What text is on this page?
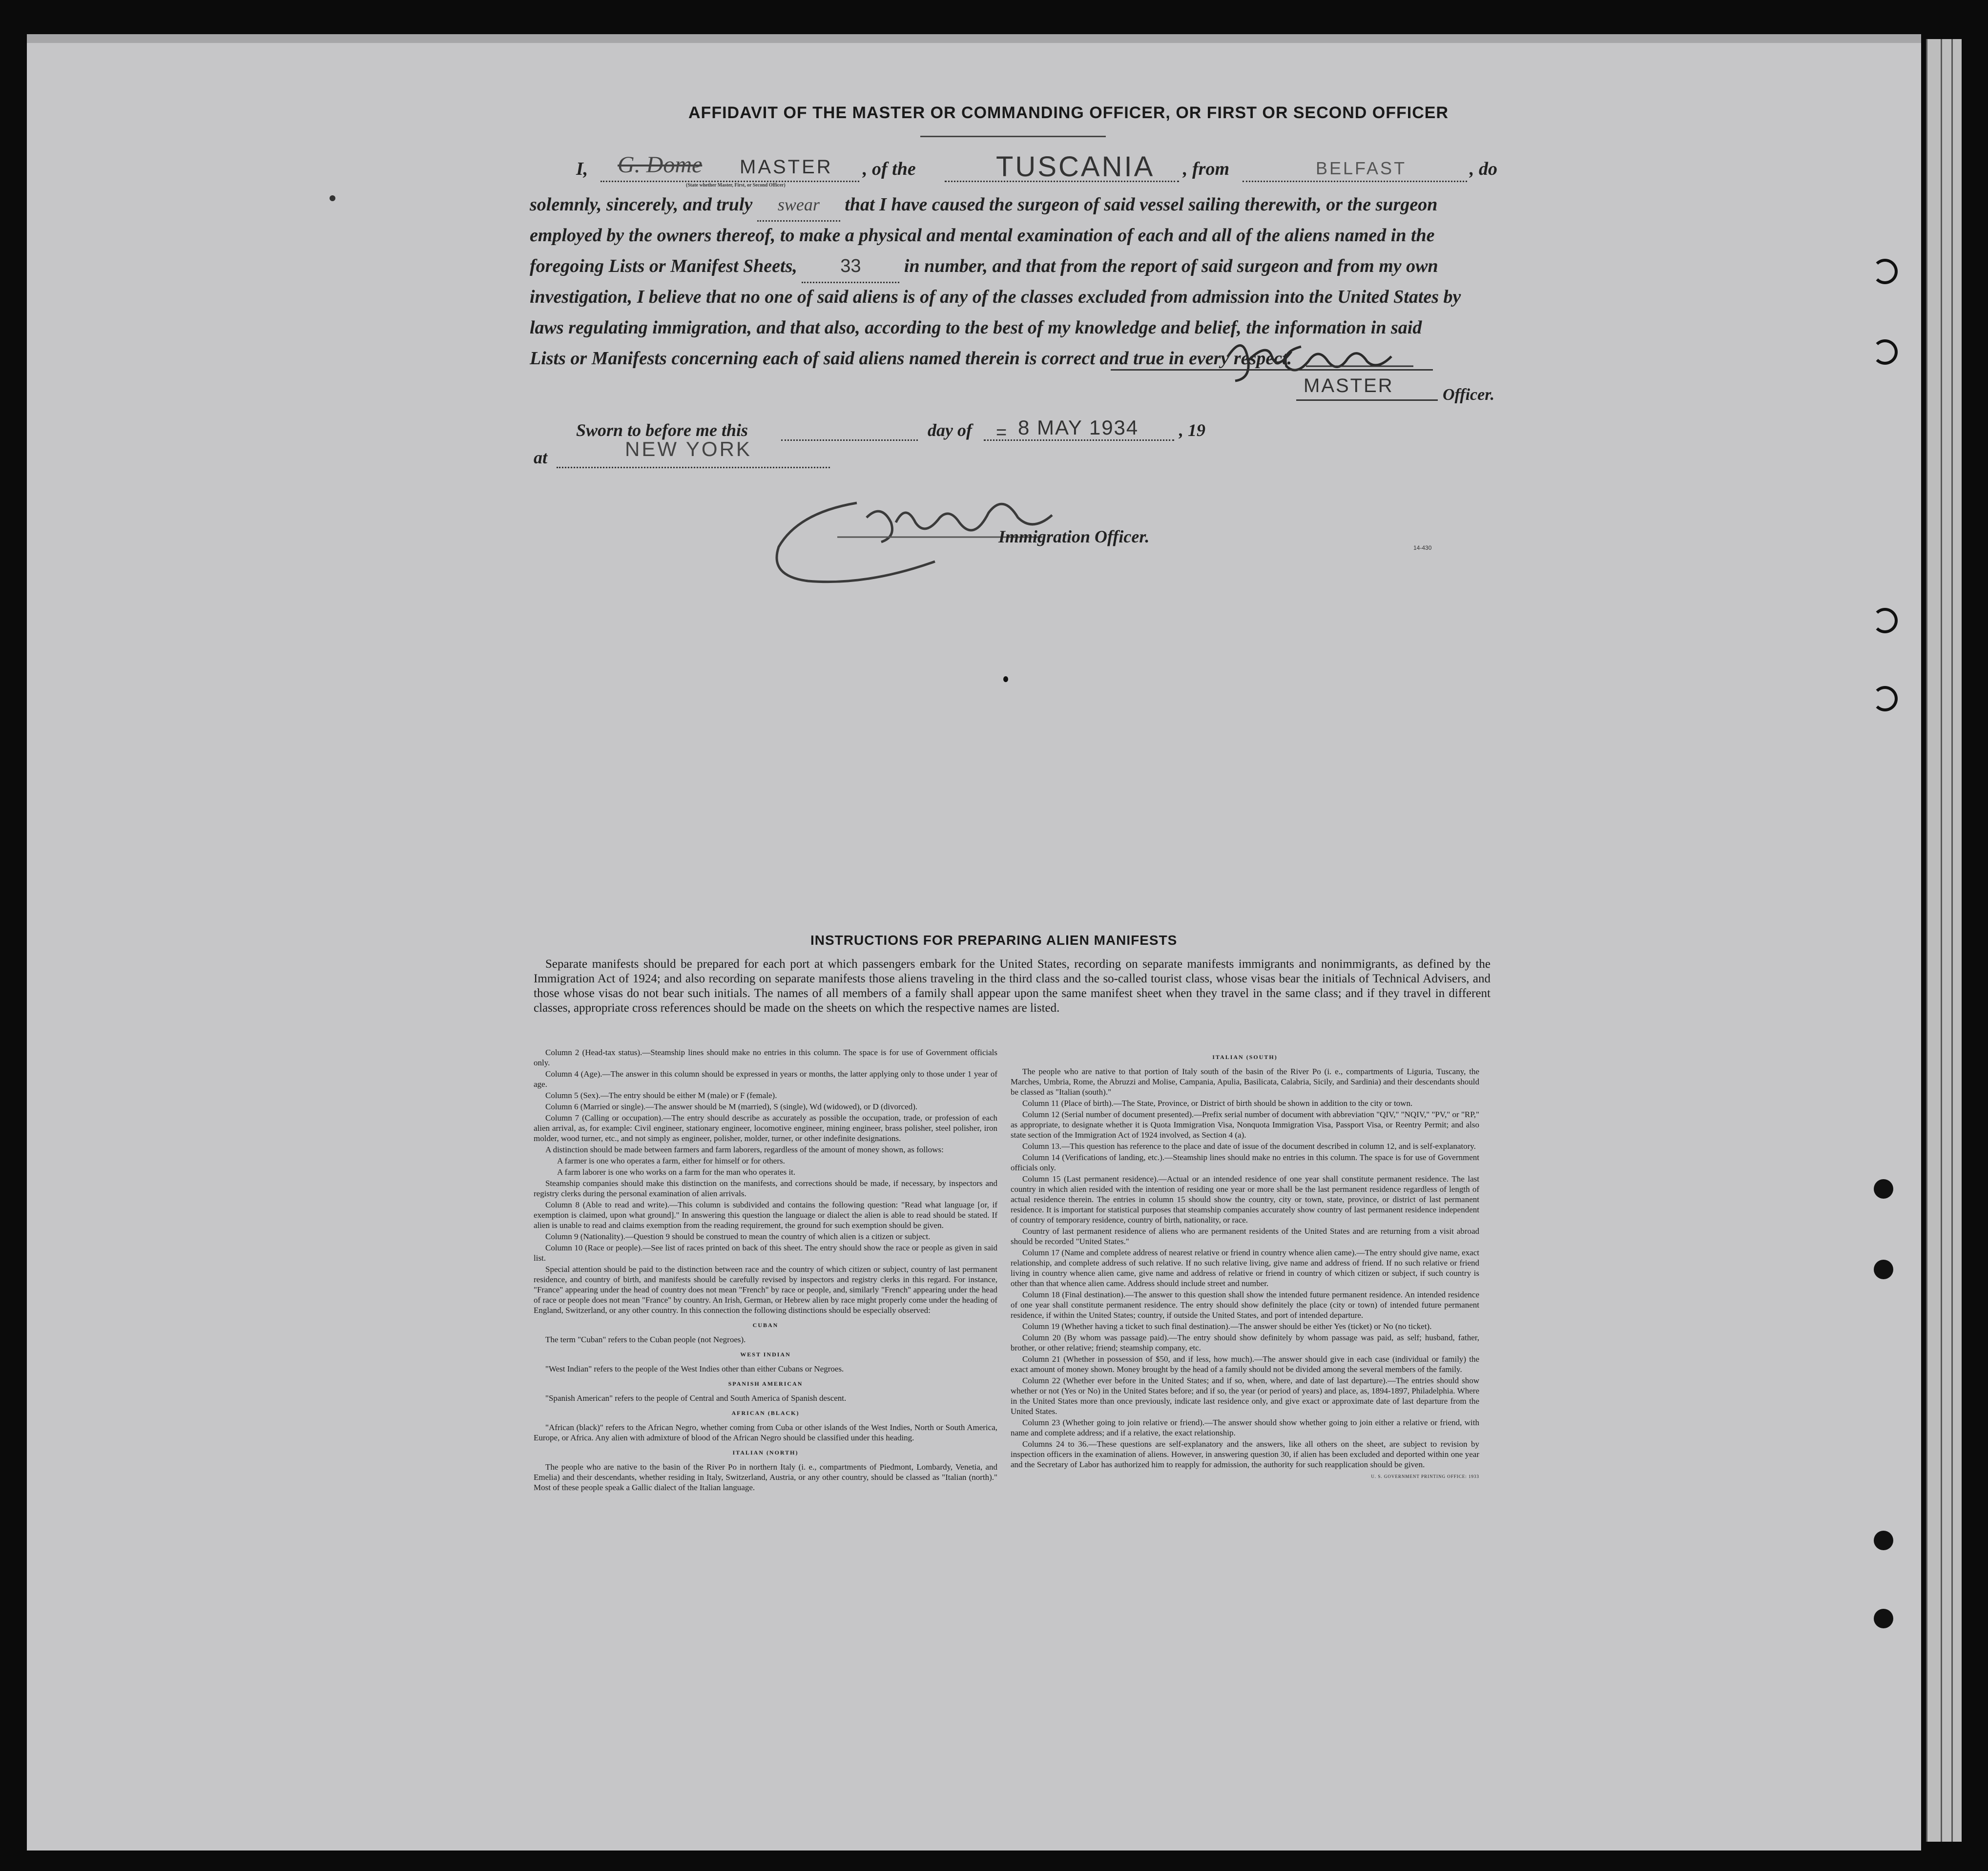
AFFIDAVIT OF THE MASTER OR COMMANDING OFFICER, OR FIRST OR SECOND OFFICER
I, G. Dome MASTER
(State whether Master, First, or Second Officer)
, of the	TUSCANIA , from	BELFAST	, do
solemnly, sincerely, and truly swear that I have caused the surgeon of said vessel sailing therewith, or the surgeon
employed by the owners thereof, to make a physical and mental examination of each and all of the aliens named in the
foregoing Lists or Manifest Sheets, 33 in number, and that from the report of said surgeon and from my own
investigation, I believe that no one of said aliens is of any of the classes excluded from admission into the United States by
laws regulating immigration, and that also, according to the best of my knowledge and belief, the information in said
Lists or Manifests concerning each of said aliens named therein is correct and true in every respect.
MASTER	Officer.
Sworn to before me this	day of = 8 MAY 1934 , 19
at	NEW YORK
Immigration Officer.
14-430
INSTRUCTIONS FOR PREPARING ALIEN MANIFESTS

Separate manifests should be prepared for each port at which passengers embark for the United States, recording on separate manifests immigrants and nonimmigrants, as defined by the Immigration Act of 1924; and also recording on separate manifests those aliens traveling in the third class and the so-called tourist class, whose visas bear the initials of Technical Advisers, and those whose visas do not bear such initials. The names of all members of a family shall appear upon the same manifest sheet when they travel in the same class; and if they travel in different classes, appropriate cross references should be made on the sheets on which the respective names are listed.

Column 2 (Head-tax status).—Steamship lines should make no entries in this column. The space is for use of Government officials only.

Column 4 (Age).—The answer in this column should be expressed in years or months, the latter applying only to those under 1 year of age.

Column 5 (Sex).—The entry should be either M (male) or F (female).

Column 6 (Married or single).—The answer should be M (married), S (single), Wd (widowed), or D (divorced).

Column 7 (Calling or occupation).—The entry should describe as accurately as possible the occupation, trade, or profession of each alien arrival, as, for example: Civil engineer, stationary engineer, locomotive engineer, mining engineer, brass polisher, steel polisher, iron molder, wood turner, etc., and not simply as engineer, polisher, molder, turner, or other indefinite designations.

A distinction should be made between farmers and farm laborers, regardless of the amount of money shown, as follows:

A farmer is one who operates a farm, either for himself or for others.

A farm laborer is one who works on a farm for the man who operates it.

Steamship companies should make this distinction on the manifests, and corrections should be made, if necessary, by inspectors and registry clerks during the personal examination of alien arrivals.

Column 8 (Able to read and write).—This column is subdivided and contains the following question: "Read what language [or, if exemption is claimed, upon what ground]." In answering this question the language or dialect the alien is able to read should be stated. If alien is unable to read and claims exemption from the reading requirement, the ground for such exemption should be given.

Column 9 (Nationality).—Question 9 should be construed to mean the country of which alien is a citizen or subject.

Column 10 (Race or people).—See list of races printed on back of this sheet. The entry should show the race or people as given in said list.

Special attention should be paid to the distinction between race and the country of which citizen or subject, country of last permanent residence, and country of birth, and manifests should be carefully revised by inspectors and registry clerks in this regard. For instance, "France" appearing under the head of country does not mean "French" by race or people, and, similarly "French" appearing under the head of race or people does not mean "France" by country. An Irish, German, or Hebrew alien by race might properly come under the heading of England, Switzerland, or any other country. In this connection the following distinctions should be especially observed:

CUBAN

The term "Cuban" refers to the Cuban people (not Negroes).

WEST INDIAN

"West Indian" refers to the people of the West Indies other than either Cubans or Negroes.

SPANISH AMERICAN

"Spanish American" refers to the people of Central and South America of Spanish descent.

AFRICAN (BLACK)

"African (black)" refers to the African Negro, whether coming from Cuba or other islands of the West Indies, North or South America, Europe, or Africa. Any alien with admixture of blood of the African Negro should be classified under this heading.

ITALIAN (NORTH)

The people who are native to the basin of the River Po in northern Italy (i. e., compartments of Piedmont, Lombardy, Venetia, and Emelia) and their descendants, whether residing in Italy, Switzerland, Austria, or any other country, should be classed as "Italian (north)." Most of these people speak a Gallic dialect of the Italian language.

ITALIAN (SOUTH)

The people who are native to that portion of Italy south of the basin of the River Po (i. e., compartments of Liguria, Tuscany, the Marches, Umbria, Rome, the Abruzzi and Molise, Campania, Apulia, Basilicata, Calabria, Sicily, and Sardinia) and their descendants should be classed as "Italian (south)."

Column 11 (Place of birth).—The State, Province, or District of birth should be shown in addition to the city or town.

Column 12 (Serial number of document presented).—Prefix serial number of document with abbreviation "QIV," "NQIV," "PV," or "RP," as appropriate, to designate whether it is Quota Immigration Visa, Nonquota Immigration Visa, Passport Visa, or Reentry Permit; and also state section of the Immigration Act of 1924 involved, as Section 4 (a).

Column 13.—This question has reference to the place and date of issue of the document described in column 12, and is self-explanatory.

Column 14 (Verifications of landing, etc.).—Steamship lines should make no entries in this column. The space is for use of Government officials only.

Column 15 (Last permanent residence).—Actual or an intended residence of one year shall constitute permanent residence. The last country in which alien resided with the intention of residing one year or more shall be the last permanent residence regardless of length of actual residence therein. The entries in column 15 should show the country, city or town, state, province, or district of last permanent residence. It is important for statistical purposes that steamship companies accurately show country of last permanent residence independent of country of temporary residence, country of birth, nationality, or race.

Country of last permanent residence of aliens who are permanent residents of the United States and are returning from a visit abroad should be recorded "United States."

Column 17 (Name and complete address of nearest relative or friend in country whence alien came).—The entry should give name, exact relationship, and complete address of such relative. If no such relative living, give name and address of friend. If no such relative or friend living in country whence alien came, give name and address of relative or friend in country of which citizen or subject, if such country is other than that whence alien came. Address should include street and number.

Column 18 (Final destination).—The answer to this question shall show the intended future permanent residence. An intended residence of one year shall constitute permanent residence. The entry should show definitely the place (city or town) of intended future permanent residence, if within the United States; country, if outside the United States, and port of intended departure.

Column 19 (Whether having a ticket to such final destination).—The answer should be either Yes (ticket) or No (no ticket).

Column 20 (By whom was passage paid).—The entry should show definitely by whom passage was paid, as self; husband, father, brother, or other relative; friend; steamship company, etc.

Column 21 (Whether in possession of $50, and if less, how much).—The answer should give in each case (individual or family) the exact amount of money shown. Money brought by the head of a family should not be divided among the several members of the family.

Column 22 (Whether ever before in the United States; and if so, when, where, and date of last departure).—The entries should show whether or not (Yes or No) in the United States before; and if so, the year (or period of years) and place, as, 1894-1897, Philadelphia. Where in the United States more than once previously, indicate last residence only, and give exact or approximate date of last departure from the United States.

Column 23 (Whether going to join relative or friend).—The answer should show whether going to join either a relative or friend, with name and complete address; and if a relative, the exact relationship.

Columns 24 to 36.—These questions are self-explanatory and the answers, like all others on the sheet, are subject to revision by inspection officers in the examination of aliens. However, in answering question 30, if alien has been excluded and deported within one year and the Secretary of Labor has authorized him to reapply for admission, the authority for such reapplication should be given.

U. S. GOVERNMENT PRINTING OFFICE: 1933
